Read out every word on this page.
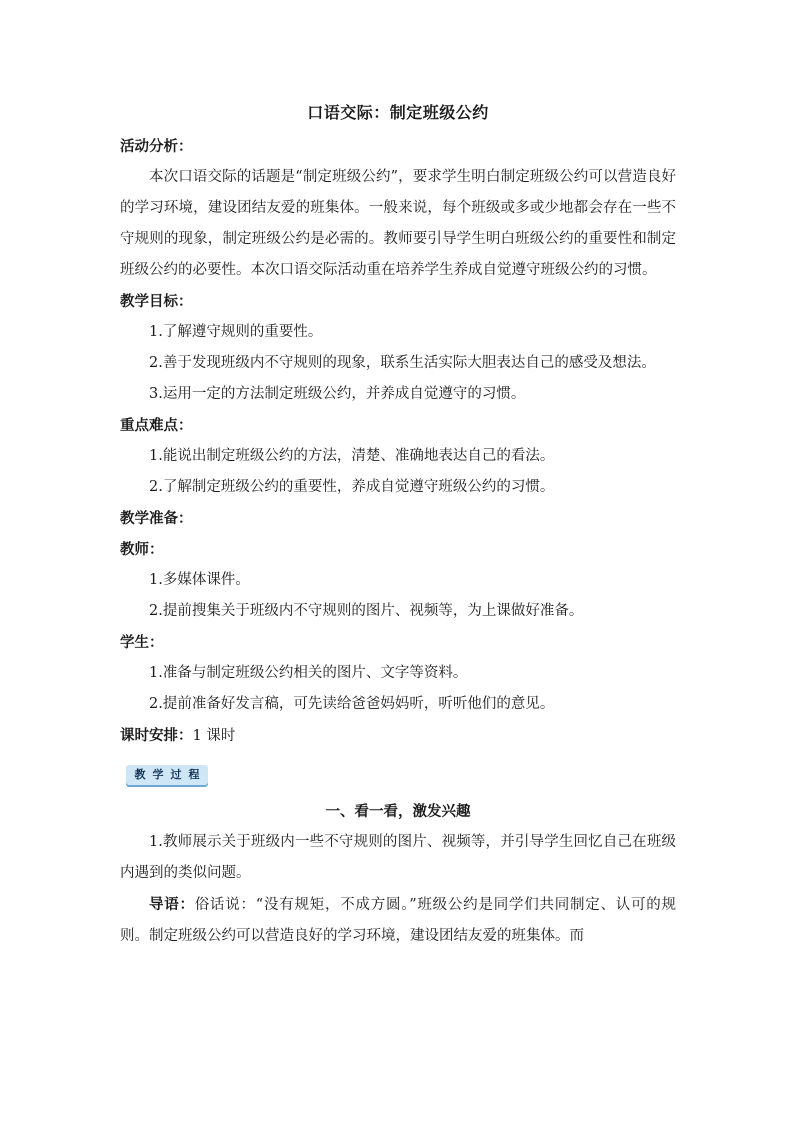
口语交际：制定班级公约
活动分析：

本次口语交际的话题是“制定班级公约”，要求学生明白制定班级公约可以营造良好的学习环境，建设团结友爱的班集体。一般来说，每个班级或多或少地都会存在一些不守规则的现象，制定班级公约是必需的。教师要引导学生明白班级公约的重要性和制定班级公约的必要性。本次口语交际活动重在培养学生养成自觉遵守班级公约的习惯。

教学目标：

1.了解遵守规则的重要性。

2.善于发现班级内不守规则的现象，联系生活实际大胆表达自己的感受及想法。

3.运用一定的方法制定班级公约，并养成自觉遵守的习惯。

重点难点：

1.能说出制定班级公约的方法，清楚、准确地表达自己的看法。

2.了解制定班级公约的重要性，养成自觉遵守班级公约的习惯。

教学准备：
教师：

1.多媒体课件。

2.提前搜集关于班级内不守规则的图片、视频等，为上课做好准备。

学生：

1.准备与制定班级公约相关的图片、文字等资料。

2.提前准备好发言稿，可先读给爸爸妈妈听，听听他们的意见。

课时安排：1 课时
教 学 过 程
一、看一看，激发兴趣

1.教师展示关于班级内一些不守规则的图片、视频等，并引导学生回忆自己在班级内遇到的类似问题。

导语：俗话说：“没有规矩，不成方圆。”班级公约是同学们共同制定、认可的规则。制定班级公约可以营造良好的学习环境，建设团结友爱的班集体。而
